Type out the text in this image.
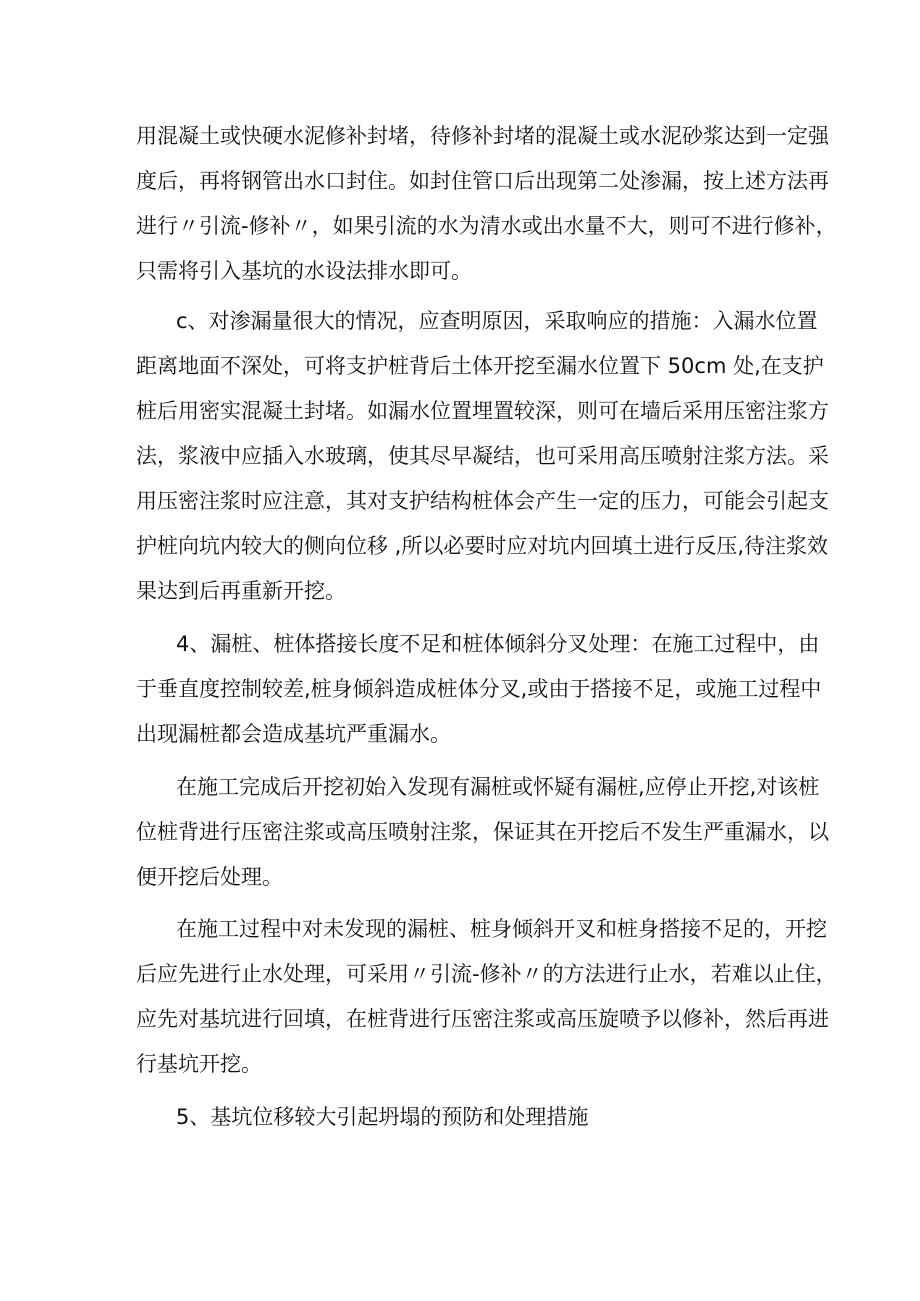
用混凝土或快硬水泥修补封堵，待修补封堵的混凝土或水泥砂浆达到一定强
度后，再将钢管出水口封住。如封住管口后出现第二处渗漏，按上述方法再
进行〃引流-修补〃，如果引流的水为清水或出水量不大，则可不进行修补，
只需将引入基坑的水设法排水即可。
c、对渗漏量很大的情况，应查明原因，采取响应的措施：入漏水位置
距离地面不深处，可将支护桩背后土体开挖至漏水位置下 50cm 处,在支护
桩后用密实混凝土封堵。如漏水位置埋置较深，则可在墙后采用压密注浆方
法，浆液中应插入水玻璃，使其尽早凝结，也可采用高压喷射注浆方法。采
用压密注浆时应注意，其对支护结构桩体会产生一定的压力，可能会引起支
护桩向坑内较大的侧向位移 ,所以必要时应对坑内回填土进行反压,待注浆效
果达到后再重新开挖。
4、漏桩、桩体搭接长度不足和桩体倾斜分叉处理：在施工过程中，由
于垂直度控制较差,桩身倾斜造成桩体分叉,或由于搭接不足，或施工过程中
出现漏桩都会造成基坑严重漏水。
在施工完成后开挖初始入发现有漏桩或怀疑有漏桩,应停止开挖,对该桩
位桩背进行压密注浆或高压喷射注浆，保证其在开挖后不发生严重漏水，以
便开挖后处理。
在施工过程中对未发现的漏桩、桩身倾斜开叉和桩身搭接不足的，开挖
后应先进行止水处理，可采用〃引流-修补〃的方法进行止水，若难以止住，
应先对基坑进行回填，在桩背进行压密注浆或高压旋喷予以修补，然后再进
行基坑开挖。
5、基坑位移较大引起坍塌的预防和处理措施
